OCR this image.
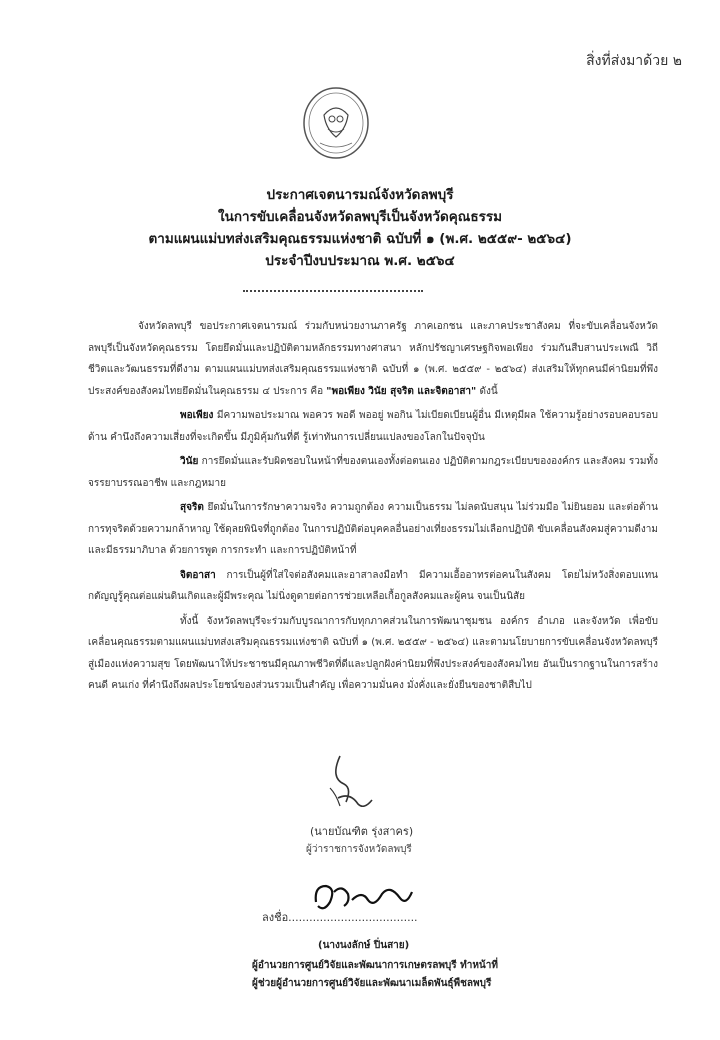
สิ่งที่ส่งมาด้วย ๒
ประกาศเจตนารมณ์จังหวัดลพบุรี
ในการขับเคลื่อนจังหวัดลพบุรีเป็นจังหวัดคุณธรรม
ตามแผนแม่บทส่งเสริมคุณธรรมแห่งชาติ ฉบับที่ ๑ (พ.ศ. ๒๕๕๙- ๒๕๖๔)
ประจำปีงบประมาณ พ.ศ. ๒๕๖๔

จังหวัดลพบุรี ขอประกาศเจตนารมณ์ ร่วมกับหน่วยงานภาครัฐ ภาคเอกชน และภาคประชาสังคม ที่จะขับเคลื่อนจังหวัดลพบุรีเป็นจังหวัดคุณธรรม โดยยึดมั่นและปฏิบัติตามหลักธรรมทางศาสนา หลักปรัชญาเศรษฐกิจพอเพียง ร่วมกันสืบสานประเพณี วิถีชีวิตและวัฒนธรรมที่ดีงาม ตามแผนแม่บทส่งเสริมคุณธรรมแห่งชาติ ฉบับที่ ๑ (พ.ศ. ๒๕๕๙ - ๒๕๖๔) ส่งเสริมให้ทุกคนมีค่านิยมที่พึงประสงค์ของสังคมไทยยึดมั่นในคุณธรรม ๔ ประการ คือ "พอเพียง วินัย สุจริต และจิตอาสา" ดังนี้

พอเพียง มีความพอประมาณ พอควร พอดี พออยู่ พอกิน ไม่เบียดเบียนผู้อื่น มีเหตุมีผล ใช้ความรู้อย่างรอบคอบรอบด้าน คำนึงถึงความเสี่ยงที่จะเกิดขึ้น มีภูมิคุ้มกันที่ดี รู้เท่าทันการเปลี่ยนแปลงของโลกในปัจจุบัน

วินัย การยึดมั่นและรับผิดชอบในหน้าที่ของตนเองทั้งต่อตนเอง ปฏิบัติตามกฎระเบียบขององค์กร และสังคม รวมทั้งจรรยาบรรณอาชีพ และกฎหมาย

สุจริต ยึดมั่นในการรักษาความจริง ความถูกต้อง ความเป็นธรรม ไม่ลดนับสนุน ไม่ร่วมมือ ไม่ยินยอม และต่อต้านการทุจริตด้วยความกล้าหาญ ใช้ดุลยพินิจที่ถูกต้อง ในการปฏิบัติต่อบุคคลอื่นอย่างเที่ยงธรรมไม่เลือกปฏิบัติ ขับเคลื่อนสังคมสู่ความดีงามและมีธรรมาภิบาล ด้วยการพูด การกระทำ และการปฏิบัติหน้าที่

จิตอาสา การเป็นผู้ที่ใส่ใจต่อสังคมและอาสาลงมือทำ มีความเอื้ออาทรต่อคนในสังคม โดยไม่หวังสิ่งตอบแทน กตัญญูรู้คุณต่อแผ่นดินเกิดและผู้มีพระคุณ ไม่นิ่งดูดายต่อการช่วยเหลือเกื้อกูลสังคมและผู้คน จนเป็นนิสัย

ทั้งนี้ จังหวัดลพบุรีจะร่วมกับบูรณาการกับทุกภาคส่วนในการพัฒนาชุมชน องค์กร อำเภอ และจังหวัด เพื่อขับเคลื่อนคุณธรรมตามแผนแม่บทส่งเสริมคุณธรรมแห่งชาติ ฉบับที่ ๑ (พ.ศ. ๒๕๕๙ - ๒๕๖๔) และตามนโยบายการขับเคลื่อนจังหวัดลพบุรีสู่เมืองแห่งความสุข โดยพัฒนาให้ประชาชนมีคุณภาพชีวิตที่ดีและปลูกฝังค่านิยมที่พึงประสงค์ของสังคมไทย อันเป็นรากฐานในการสร้างคนดี คนเก่ง ที่คำนึงถึงผลประโยชน์ของส่วนรวมเป็นสำคัญ เพื่อความมั่นคง มั่งคั่งและยั่งยืนของชาติสืบไป

(นายบัณฑิต รุ่งสาคร)
ผู้ว่าราชการจังหวัดลพบุรี
ลงชื่อ.....................................
(นางนงลักษ์ ปิ่นสาย)
ผู้อำนวยการศูนย์วิจัยและพัฒนาการเกษตรลพบุรี ทำหน้าที่
ผู้ช่วยผู้อำนวยการศูนย์วิจัยและพัฒนาเมล็ดพันธุ์พืชลพบุรี
